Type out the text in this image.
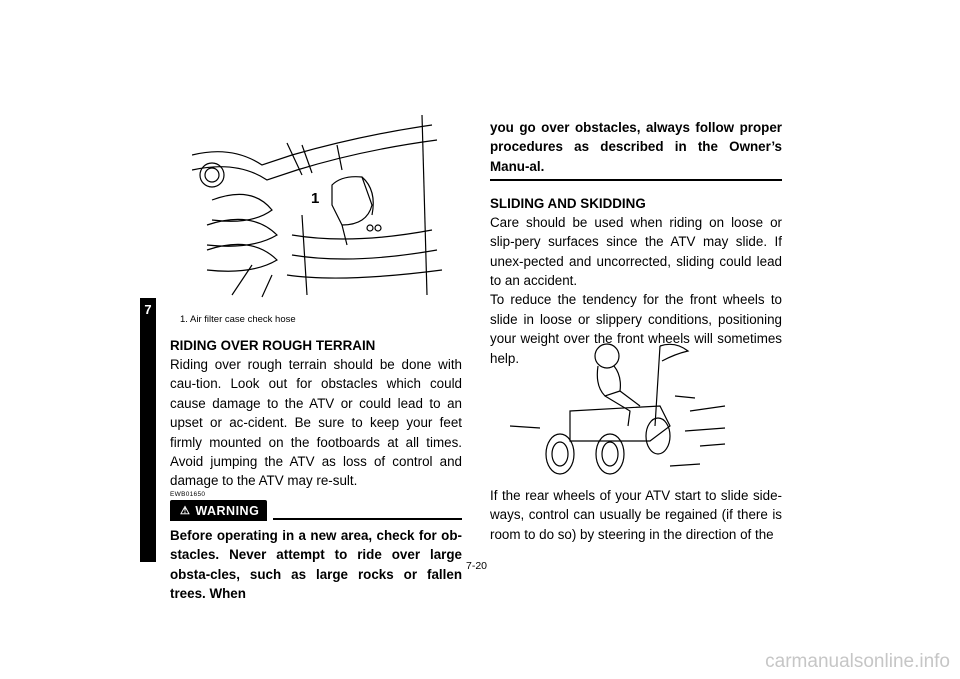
7
1
1. Air filter case check hose

RIDING OVER ROUGH TERRAIN

Riding over rough terrain should be done with cau-tion. Look out for obstacles which could cause damage to the ATV or could lead to an upset or ac-cident. Be sure to keep your feet firmly mounted on the footboards at all times. Avoid jumping the ATV as loss of control and damage to the ATV may re-sult.

EWB01650
⚠ WARNING

Before operating in a new area, check for ob-stacles. Never attempt to ride over large obsta-cles, such as large rocks or fallen trees. When

you go over obstacles, always follow proper procedures as described in the Owner’s Manu-al.

SLIDING AND SKIDDING

Care should be used when riding on loose or slip-pery surfaces since the ATV may slide. If unex-pected and uncorrected, sliding could lead to an accident.

To reduce the tendency for the front wheels to slide in loose or slippery conditions, positioning your weight over the front wheels will sometimes help.

If the rear wheels of your ATV start to slide side-ways, control can usually be regained (if there is room to do so) by steering in the direction of the

7-20
carmanualsonline.info
